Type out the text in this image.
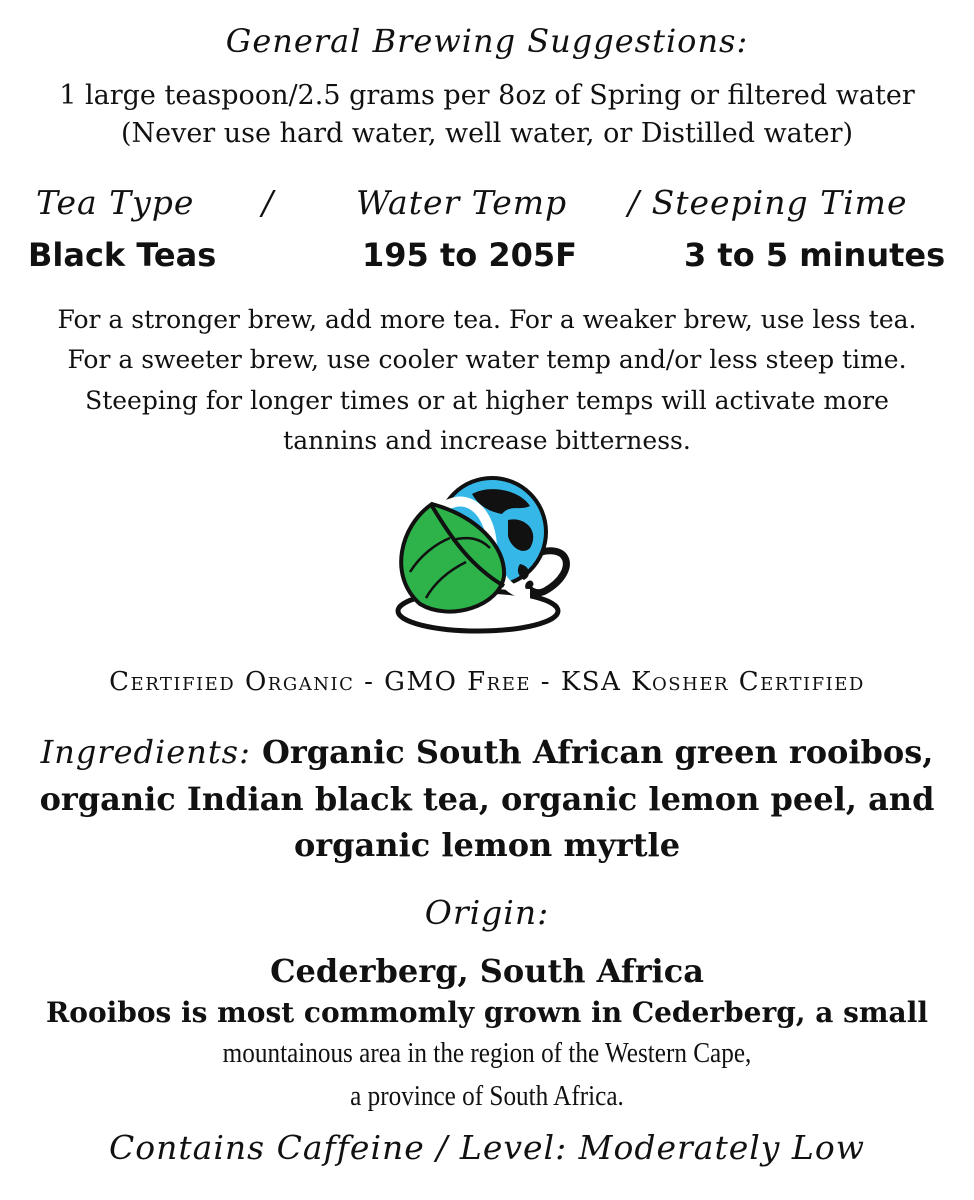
General Brewing Suggestions:
1 large teaspoon/2.5 grams per 8oz of Spring or filtered water
(Never use hard water, well water, or Distilled water)
Tea Type / Water Temp / Steeping Time
Black Teas	195 to 205F	3 to 5 minutes
For a stronger brew, add more tea. For a weaker brew, use less tea.
For a sweeter brew, use cooler water temp and/or less steep time.
Steeping for longer times or at higher temps will activate more
tannins and increase bitterness.
Certified Organic - GMO Free - KSA Kosher Certified
Ingredients: Organic South African green rooibos,
organic Indian black tea, organic lemon peel, and
organic lemon myrtle
Origin:
Cederberg, South Africa
Rooibos is most commomly grown in Cederberg, a small
mountainous area in the region of the Western Cape,
a province of South Africa.
Contains Caffeine / Level: Moderately Low
